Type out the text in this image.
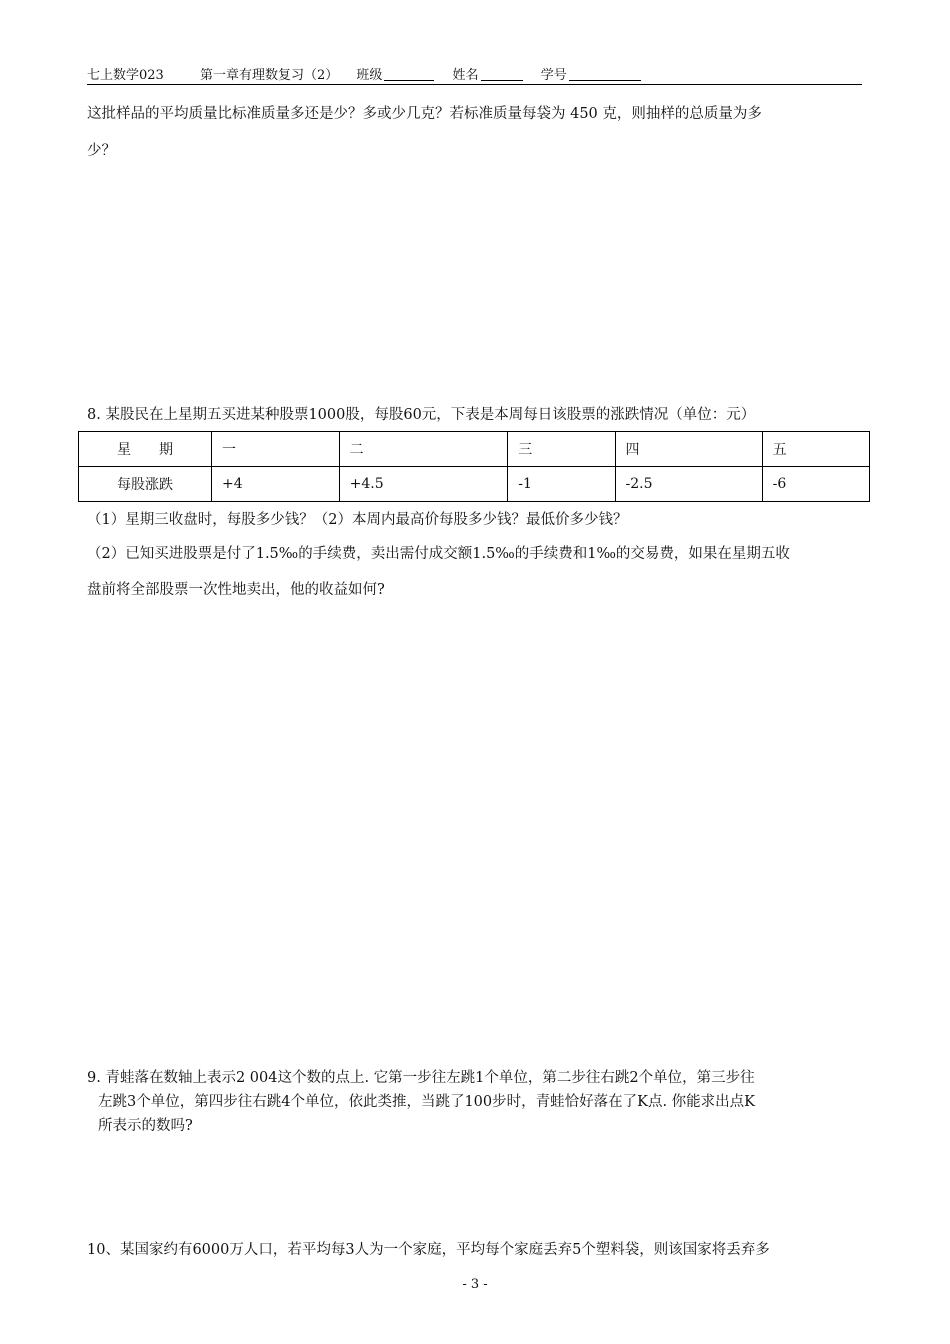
七上数学023	第一章有理数复习（2） 班级	姓名	学号
这批样品的平均质量比标准质量多还是少？多或少几克？若标准质量每袋为 450 克，则抽样的总质量为多
少？
8. 某股民在上星期五买进某种股票1000股，每股60元，下表是本周每日该股票的涨跌情况（单位：元）
星　　期	一	二	三	四	五
每股涨跌	+4	+4.5	-1	-2.5	-6
（1）星期三收盘时，每股多少钱？（2）本周内最高价每股多少钱？最低价多少钱？
（2）已知买进股票是付了1.5‰的手续费，卖出需付成交额1.5‰的手续费和1‰的交易费，如果在星期五收
盘前将全部股票一次性地卖出，他的收益如何?
9. 青蛙落在数轴上表示2 004这个数的点上. 它第一步往左跳1个单位，第二步往右跳2个单位，第三步往
左跳3个单位，第四步往右跳4个单位，依此类推，当跳了100步时，青蛙恰好落在了K点. 你能求出点K
所表示的数吗?
10、某国家约有6000万人口，若平均每3人为一个家庭，平均每个家庭丢弃5个塑料袋，则该国家将丢弃多
- 3 -
